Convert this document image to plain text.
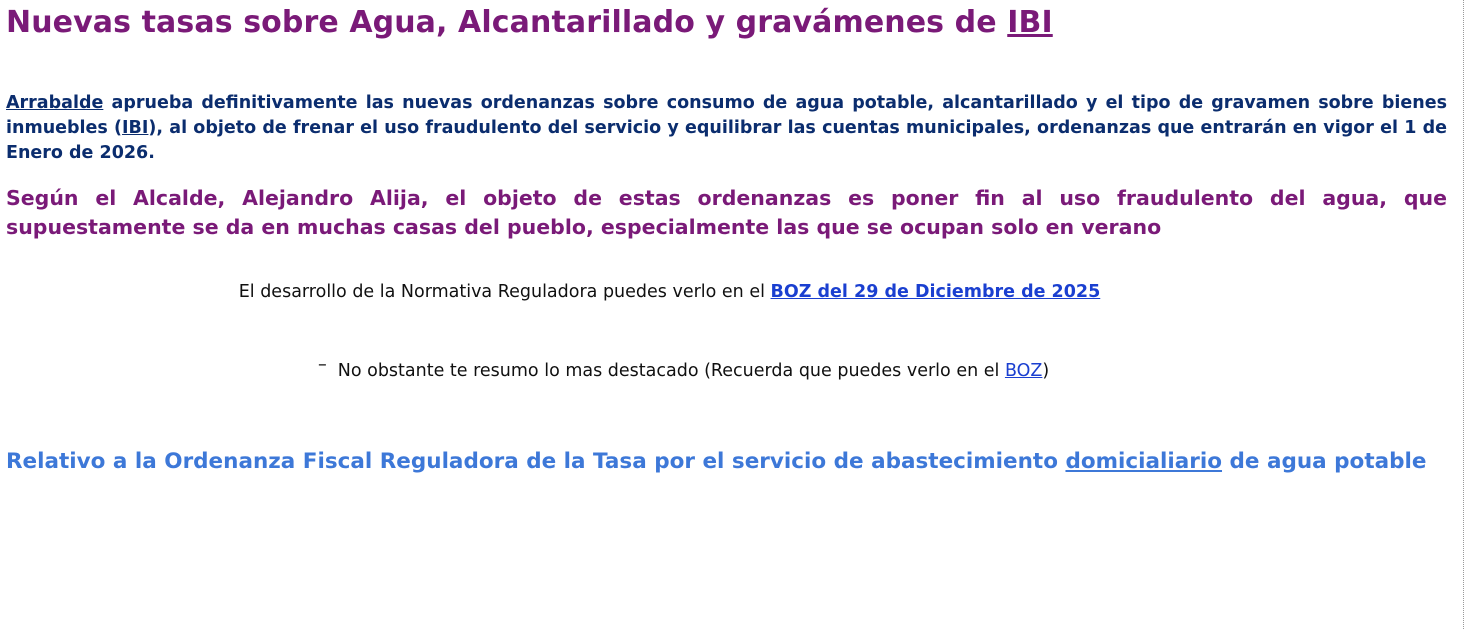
Nuevas tasas sobre Agua, Alcantarillado y gravámenes de IBI

Arrabalde aprueba definitivamente las nuevas ordenanzas sobre consumo de agua potable, alcantarillado y el tipo de gravamen sobre bienes inmuebles (IBI), al objeto de frenar el uso fraudulento del servicio y equilibrar las cuentas municipales, ordenanzas que entrarán en vigor el 1 de Enero de 2026.

Según el Alcalde, Alejandro Alija, el objeto de estas ordenanzas es poner fin al uso fraudulento del agua, que supuestamente se da en muchas casas del pueblo, especialmente las que se ocupan solo en verano

El desarrollo de la Normativa Reguladora puedes verlo en el BOZ del 29 de Diciembre de 2025

– No obstante te resumo lo mas destacado (Recuerda que puedes verlo en el BOZ)
Relativo a la Ordenanza Fiscal Reguladora de la Tasa por el servicio de abastecimiento domicialiario de agua potable
